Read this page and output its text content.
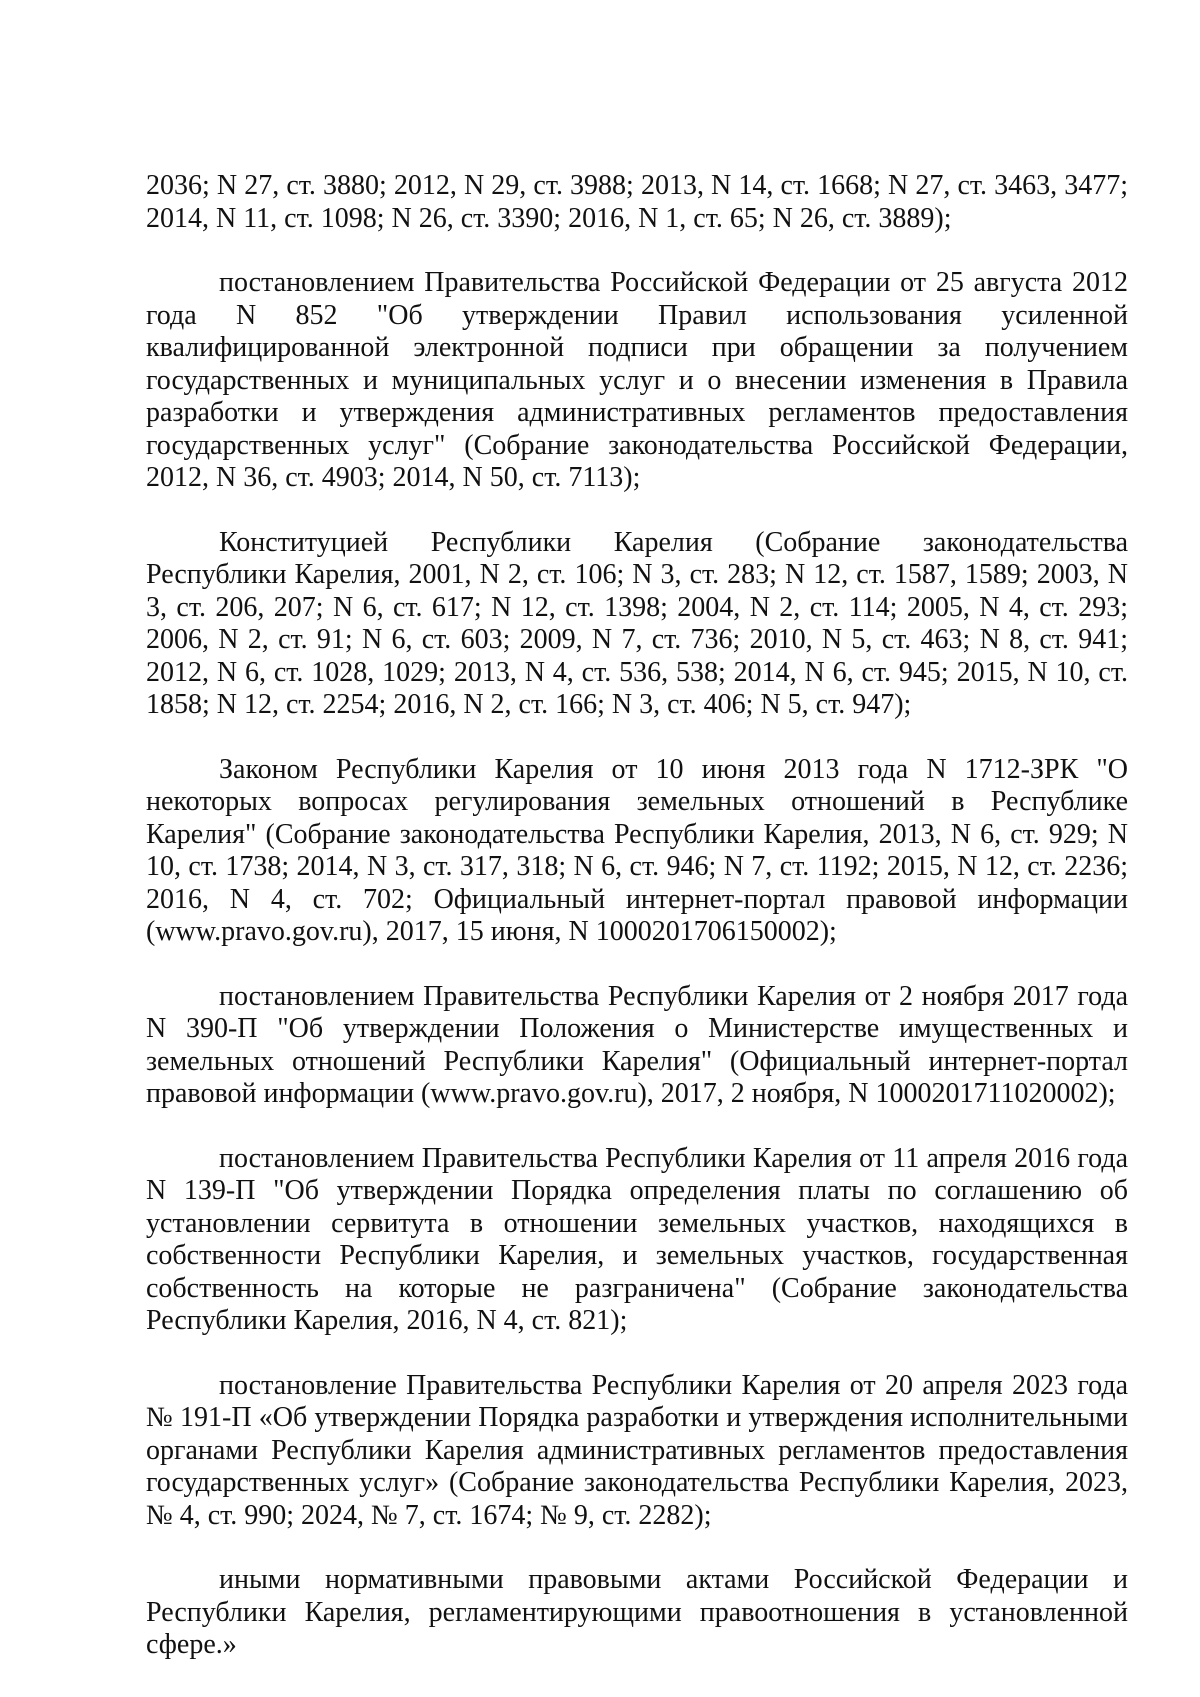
2036; N 27, ст. 3880; 2012, N 29, ст. 3988; 2013, N 14, ст. 1668; N 27, ст. 3463, 3477; 2014, N 11, ст. 1098; N 26, ст. 3390; 2016, N 1, ст. 65; N 26, ст. 3889);

постановлением Правительства Российской Федерации от 25 августа 2012 года N 852 "Об утверждении Правил использования усиленной квалифицированной электронной подписи при обращении за получением государственных и муниципальных услуг и о внесении изменения в Правила разработки и утверждения административных регламентов предоставления государственных услуг" (Собрание законодательства Российской Федерации, 2012, N 36, ст. 4903; 2014, N 50, ст. 7113);

Конституцией Республики Карелия (Собрание законодательства Республики Карелия, 2001, N 2, ст. 106; N 3, ст. 283; N 12, ст. 1587, 1589; 2003, N 3, ст. 206, 207; N 6, ст. 617; N 12, ст. 1398; 2004, N 2, ст. 114; 2005, N 4, ст. 293; 2006, N 2, ст. 91; N 6, ст. 603; 2009, N 7, ст. 736; 2010, N 5, ст. 463; N 8, ст. 941; 2012, N 6, ст. 1028, 1029; 2013, N 4, ст. 536, 538; 2014, N 6, ст. 945; 2015, N 10, ст. 1858; N 12, ст. 2254; 2016, N 2, ст. 166; N 3, ст. 406; N 5, ст. 947);

Законом Республики Карелия от 10 июня 2013 года N 1712-ЗРК "О некоторых вопросах регулирования земельных отношений в Республике Карелия" (Собрание законодательства Республики Карелия, 2013, N 6, ст. 929; N 10, ст. 1738; 2014, N 3, ст. 317, 318; N 6, ст. 946; N 7, ст. 1192; 2015, N 12, ст. 2236; 2016, N 4, ст. 702; Официальный интернет-портал правовой информации (www.pravo.gov.ru), 2017, 15 июня, N 1000201706150002);

постановлением Правительства Республики Карелия от 2 ноября 2017 года N 390-П "Об утверждении Положения о Министерстве имущественных и земельных отношений Республики Карелия" (Официальный интернет-портал правовой информации (www.pravo.gov.ru), 2017, 2 ноября, N 1000201711020002);

постановлением Правительства Республики Карелия от 11 апреля 2016 года N 139-П "Об утверждении Порядка определения платы по соглашению об установлении сервитута в отношении земельных участков, находящихся в собственности Республики Карелия, и земельных участков, государственная собственность на которые не разграничена" (Собрание законодательства Республики Карелия, 2016, N 4, ст. 821);

постановление Правительства Республики Карелия от 20 апреля 2023 года № 191-П «Об утверждении Порядка разработки и утверждения исполнительными органами Республики Карелия административных регламентов предоставления государственных услуг» (Собрание законодательства Республики Карелия, 2023, № 4, ст. 990; 2024, № 7, ст. 1674; № 9, ст. 2282);

иными нормативными правовыми актами Российской Федерации и Республики Карелия, регламентирующими правоотношения в установленной сфере.»
